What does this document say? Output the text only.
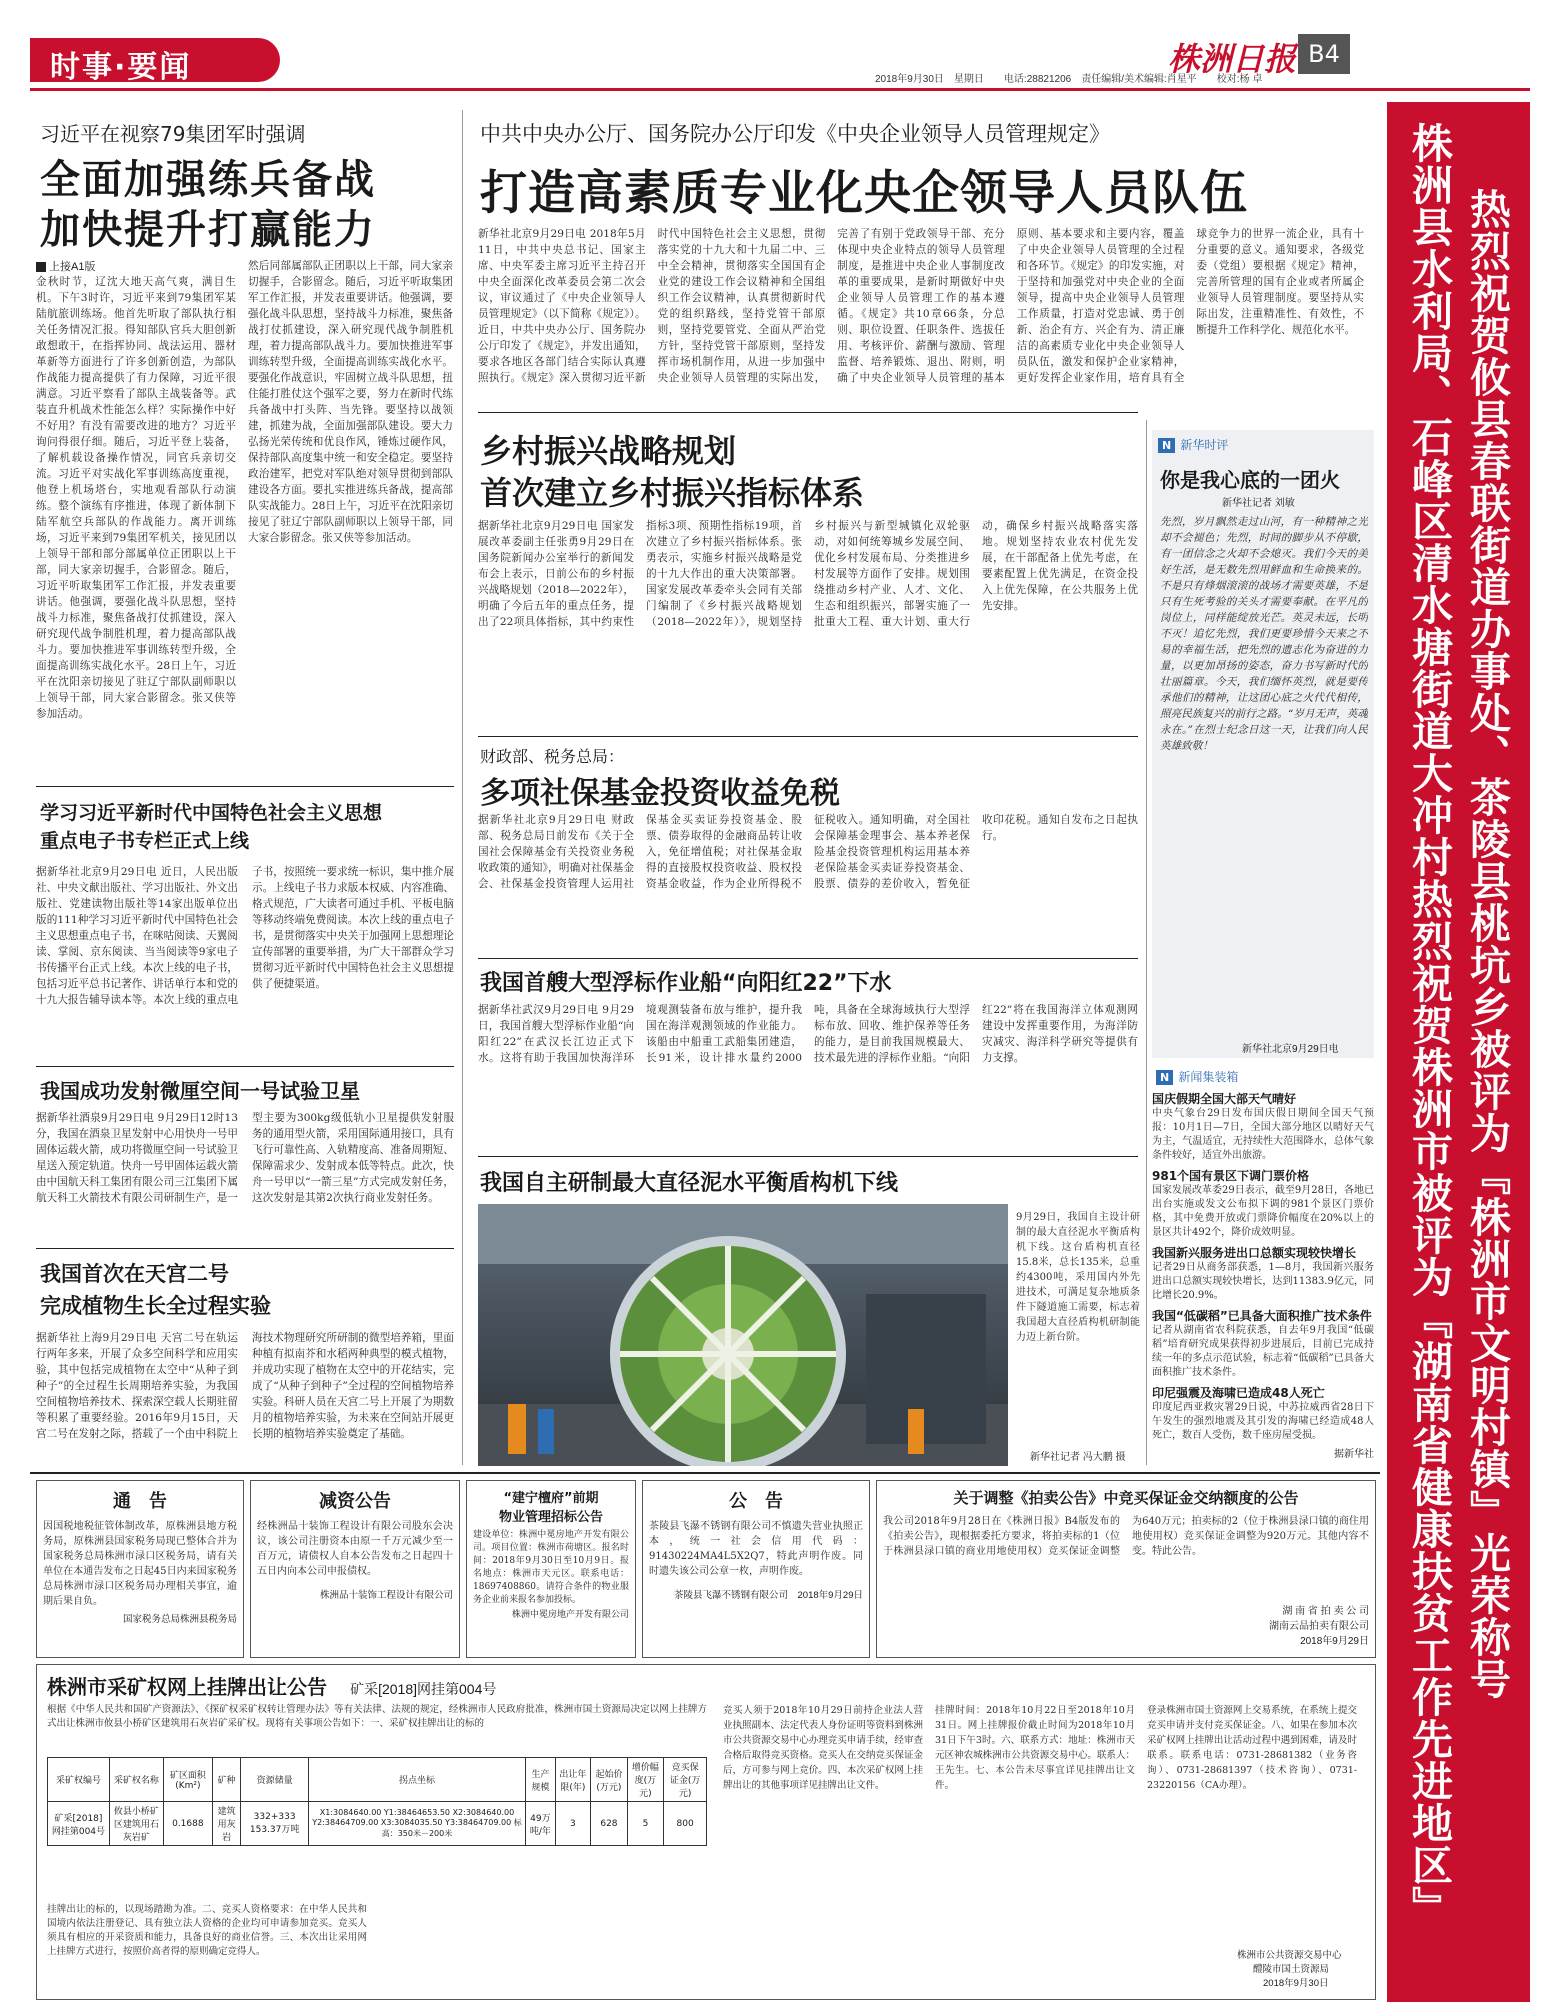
时事·要闻	株洲日报 B4
2018年9月30日　星期日　　电话:28821206　责任编辑/美术编辑:肖星平　　校对:杨 卓
热烈祝贺攸县春联街道办事处、茶陵县桃坑乡被评为『株洲市文明村镇』光荣称号
株洲县水利局、石峰区清水塘街道大冲村热烈祝贺株洲市被评为『湖南省健康扶贫工作先进地区』
习近平在视察79集团军时强调
全面加强练兵备战
加快提升打赢能力
上接A1版
金秋时节，辽沈大地天高气爽，满目生机。下午3时许，习近平来到79集团军某陆航旅训练场。他首先听取了部队执行相关任务情况汇报。得知部队官兵大胆创新敢想敢干，在指挥协同、战法运用、器材革新等方面进行了许多创新创造，为部队作战能力提高提供了有力保障，习近平很满意。习近平察看了部队主战装备等。武装直升机战术性能怎么样？实际操作中好不好用？有没有需要改进的地方？习近平询问得很仔细。随后，习近平登上装备，了解机载设备操作情况，同官兵亲切交流。习近平对实战化军事训练高度重视，他登上机场塔台，实地观看部队行动演练。整个演练有序推进，体现了新体制下陆军航空兵部队的作战能力。离开训练场，习近平来到79集团军机关，接见团以上领导干部和部分部属单位正团职以上干部，同大家亲切握手，合影留念。随后，习近平听取集团军工作汇报，并发表重要讲话。他强调，要强化战斗队思想，坚持战斗力标准，聚焦备战打仗抓建设，深入研究现代战争制胜机理，着力提高部队战斗力。要加快推进军事训练转型升级，全面提高训练实战化水平。28日上午，习近平在沈阳亲切接见了驻辽宁部队副师职以上领导干部，同大家合影留念。张又侠等参加活动。
然后同部属部队正团职以上干部，同大家亲切握手，合影留念。随后，习近平听取集团军工作汇报，并发表重要讲话。他强调，要强化战斗队思想，坚持战斗力标准，聚焦备战打仗抓建设，深入研究现代战争制胜机理，着力提高部队战斗力。要加快推进军事训练转型升级，全面提高训练实战化水平。要强化作战意识，牢固树立战斗队思想，扭住能打胜仗这个强军之要，努力在新时代练兵备战中打头阵、当先锋。要坚持以战领建，抓建为战，全面加强部队建设。要大力弘扬光荣传统和优良作风，锤炼过硬作风，保持部队高度集中统一和安全稳定。要坚持政治建军，把党对军队绝对领导贯彻到部队建设各方面。要扎实推进练兵备战，提高部队实战能力。28日上午，习近平在沈阳亲切接见了驻辽宁部队副师职以上领导干部，同大家合影留念。张又侠等参加活动。
学习习近平新时代中国特色社会主义思想
重点电子书专栏正式上线
据新华社北京9月29日电 近日，人民出版社、中央文献出版社、学习出版社、外文出版社、党建读物出版社等14家出版单位出版的111种学习习近平新时代中国特色社会主义思想重点电子书，在咪咕阅读、天翼阅读、掌阅、京东阅读、当当阅读等9家电子书传播平台正式上线。本次上线的电子书，包括习近平总书记著作、讲话单行本和党的十九大报告辅导读本等。本次上线的重点电子书，按照统一要求统一标识，集中推介展示。上线电子书力求版本权威、内容准确、格式规范，广大读者可通过手机、平板电脑等移动终端免费阅读。本次上线的重点电子书，是贯彻落实中央关于加强网上思想理论宣传部署的重要举措，为广大干部群众学习贯彻习近平新时代中国特色社会主义思想提供了便捷渠道。
我国成功发射微厘空间一号试验卫星
据新华社酒泉9月29日电 9月29日12时13分，我国在酒泉卫星发射中心用快舟一号甲固体运载火箭，成功将微厘空间一号试验卫星送入预定轨道。快舟一号甲固体运载火箭由中国航天科工集团有限公司三江集团下属航天科工火箭技术有限公司研制生产，是一型主要为300kg级低轨小卫星提供发射服务的通用型火箭，采用国际通用接口，具有飞行可靠性高、入轨精度高、准备周期短、保障需求少、发射成本低等特点。此次，快舟一号甲以“一箭三星”方式完成发射任务，这次发射是其第2次执行商业发射任务。
我国首次在天宫二号
完成植物生长全过程实验
据新华社上海9月29日电 天宫二号在轨运行两年多来，开展了众多空间科学和应用实验，其中包括完成植物在太空中“从种子到种子”的全过程生长周期培养实验，为我国空间植物培养技术、探索深空载人长期驻留等积累了重要经验。2016年9月15日，天宫二号在发射之际，搭载了一个由中科院上海技术物理研究所研制的微型培养箱，里面种植有拟南芥和水稻两种典型的模式植物，并成功实现了植物在太空中的开花结实，完成了“从种子到种子”全过程的空间植物培养实验。科研人员在天宫二号上开展了为期数月的植物培养实验，为未来在空间站开展更长期的植物培养实验奠定了基础。
中共中央办公厅、国务院办公厅印发《中央企业领导人员管理规定》
打造高素质专业化央企领导人员队伍
新华社北京9月29日电 2018年5月11日，中共中央总书记、国家主席、中央军委主席习近平主持召开中央全面深化改革委员会第二次会议，审议通过了《中央企业领导人员管理规定》（以下简称《规定》）。近日，中共中央办公厅、国务院办公厅印发了《规定》，并发出通知，要求各地区各部门结合实际认真遵照执行。《规定》深入贯彻习近平新时代中国特色社会主义思想，贯彻落实党的十九大和十九届二中、三中全会精神，贯彻落实全国国有企业党的建设工作会议精神和全国组织工作会议精神，认真贯彻新时代党的组织路线，坚持党管干部原则，坚持党要管党、全面从严治党方针，坚持党管干部原则，坚持发挥市场机制作用，从进一步加强中央企业领导人员管理的实际出发，完善了有别于党政领导干部、充分体现中央企业特点的领导人员管理制度，是推进中央企业人事制度改革的重要成果，是新时期做好中央企业领导人员管理工作的基本遵循。《规定》共10章66条，分总则、职位设置、任职条件、选拔任用、考核评价、薪酬与激励、管理监督、培养锻炼、退出、附则，明确了中央企业领导人员管理的基本原则、基本要求和主要内容，覆盖了中央企业领导人员管理的全过程和各环节。《规定》的印发实施，对于坚持和加强党对中央企业的全面领导，提高中央企业领导人员管理工作质量，打造对党忠诚、勇于创新、治企有方、兴企有为、清正廉洁的高素质专业化中央企业领导人员队伍，激发和保护企业家精神，更好发挥企业家作用，培育具有全球竞争力的世界一流企业，具有十分重要的意义。通知要求，各级党委（党组）要根据《规定》精神，完善所管理的国有企业或者所属企业领导人员管理制度。要坚持从实际出发，注重精准性、有效性，不断提升工作科学化、规范化水平。
乡村振兴战略规划
首次建立乡村振兴指标体系
据新华社北京9月29日电 国家发展改革委副主任张勇9月29日在国务院新闻办公室举行的新闻发布会上表示，日前公布的乡村振兴战略规划（2018—2022年），明确了今后五年的重点任务，提出了22项具体指标，其中约束性指标3项、预期性指标19项，首次建立了乡村振兴指标体系。张勇表示，实施乡村振兴战略是党的十九大作出的重大决策部署。国家发展改革委牵头会同有关部门编制了《乡村振兴战略规划（2018—2022年）》，规划坚持乡村振兴与新型城镇化双轮驱动，对如何统筹城乡发展空间、优化乡村发展布局、分类推进乡村发展等方面作了安排。规划围绕推动乡村产业、人才、文化、生态和组织振兴，部署实施了一批重大工程、重大计划、重大行动，确保乡村振兴战略落实落地。规划坚持农业农村优先发展，在干部配备上优先考虑，在要素配置上优先满足，在资金投入上优先保障，在公共服务上优先安排。
财政部、税务总局：
多项社保基金投资收益免税
据新华社北京9月29日电 财政部、税务总局日前发布《关于全国社会保障基金有关投资业务税收政策的通知》，明确对社保基金会、社保基金投资管理人运用社保基金买卖证券投资基金、股票、债券取得的金融商品转让收入，免征增值税；对社保基金取得的直接股权投资收益、股权投资基金收益，作为企业所得税不征税收入。通知明确，对全国社会保障基金理事会、基本养老保险基金投资管理机构运用基本养老保险基金买卖证券投资基金、股票、债券的差价收入，暂免征收印花税。通知自发布之日起执行。
我国首艘大型浮标作业船“向阳红22”下水
据新华社武汉9月29日电 9月29日，我国首艘大型浮标作业船“向阳红22”在武汉长江边正式下水。这将有助于我国加快海洋环境观测装备布放与维护，提升我国在海洋观测领域的作业能力。该船由中船重工武船集团建造，长91米，设计排水量约2000吨，具备在全球海域执行大型浮标布放、回收、维护保养等任务的能力，是目前我国规模最大、技术最先进的浮标作业船。“向阳红22”将在我国海洋立体观测网建设中发挥重要作用，为海洋防灾减灾、海洋科学研究等提供有力支撑。
我国自主研制最大直径泥水平衡盾构机下线
9月29日，我国自主设计研制的最大直径泥水平衡盾构机下线。这台盾构机直径15.8米，总长135米，总重约4300吨，采用国内外先进技术，可满足复杂地质条件下隧道施工需要，标志着我国超大直径盾构机研制能力迈上新台阶。
新华社记者 冯大鹏 摄
N 新华时评
你是我心底的一团火
新华社记者 刘敏
先烈，岁月飘然走过山河，有一种精神之光却不会褪色；先烈，时间的脚步从不停歇，有一团信念之火却不会熄灭。我们今天的美好生活，是无数先烈用鲜血和生命换来的。不是只有烽烟滚滚的战场才需要英雄，不是只有生死考验的关头才需要奉献。在平凡的岗位上，同样能绽放光芒。英灵未远，长明不灭！追忆先烈，我们更要珍惜今天来之不易的幸福生活，把先烈的遗志化为奋进的力量，以更加昂扬的姿态，奋力书写新时代的壮丽篇章。今天，我们缅怀英烈，就是要传承他们的精神，让这团心底之火代代相传，照亮民族复兴的前行之路。“岁月无声，英魂永在。”在烈士纪念日这一天，让我们向人民英雄致敬！
新华社北京9月29日电
N 新闻集装箱
国庆假期全国大部天气晴好
中央气象台29日发布国庆假日期间全国天气预报：10月1日—7日，全国大部分地区以晴好天气为主，气温适宜，无持续性大范围降水，总体气象条件较好，适宜外出旅游。
981个国有景区下调门票价格
国家发展改革委29日表示，截至9月28日，各地已出台实施或发文公布拟下调的981个景区门票价格，其中免费开放或门票降价幅度在20%以上的景区共计492个，降价成效明显。
我国新兴服务进出口总额实现较快增长
记者29日从商务部获悉，1—8月，我国新兴服务进出口总额实现较快增长，达到11383.9亿元，同比增长20.9%。
我国“低碳稻”已具备大面积推广技术条件
记者从湖南省农科院获悉，自去年9月我国“低碳稻”培育研究成果获得初步进展后，目前已完成持续一年的多点示范试验，标志着“低碳稻”已具备大面积推广技术条件。
印尼强震及海啸已造成48人死亡
印度尼西亚救灾署29日说，中苏拉威西省28日下午发生的强烈地震及其引发的海啸已经造成48人死亡，数百人受伤，数千座房屋受损。
据新华社
通　告
因国税地税征管体制改革，原株洲县地方税务局，原株洲县国家税务局现已整体合并为国家税务总局株洲市渌口区税务局，请有关单位在本通告发布之日起45日内来国家税务总局株洲市渌口区税务局办理相关事宜，逾期后果自负。
国家税务总局株洲县税务局
减资公告
经株洲品十装饰工程设计有限公司股东会决议，该公司注册资本由原一千万元减少至一百万元，请债权人自本公告发布之日起四十五日内向本公司申报债权。
株洲品十装饰工程设计有限公司
“建宁檀府”前期
物业管理招标公告
建设单位：株洲中冕房地产开发有限公司。项目位置：株洲市荷塘区。报名时间：2018年9月30日至10月9日。报名地点：株洲市天元区。联系电话：18697408860。请符合条件的物业服务企业前来报名参加投标。
株洲中冕房地产开发有限公司
公　告
茶陵县飞瀑不锈钢有限公司不慎遗失营业执照正本，统一社会信用代码：91430224MA4L5X2Q7，特此声明作废。同时遗失该公司公章一枚，声明作废。
茶陵县飞瀑不锈钢有限公司　2018年9月29日
关于调整《拍卖公告》中竞买保证金交纳额度的公告
我公司2018年9月28日在《株洲日报》B4版发布的《拍卖公告》，现根据委托方要求，将拍卖标的1（位于株洲县渌口镇的商业用地使用权）竞买保证金调整为640万元；拍卖标的2（位于株洲县渌口镇的商住用地使用权）竞买保证金调整为920万元。其他内容不变。特此公告。
湖 南 省 拍 卖 公 司
湖南云品拍卖有限公司
2018年9月29日
株洲市采矿权网上挂牌出让公告 矿采[2018]网挂第004号
根据《中华人民共和国矿产资源法》、《探矿权采矿权转让管理办法》等有关法律、法规的规定，经株洲市人民政府批准，株洲市国土资源局决定以网上挂牌方式出让株洲市攸县小桥矿区建筑用石灰岩矿采矿权。现将有关事项公告如下：一、采矿权挂牌出让的标的
采矿权编号	采矿权名称	矿区面积(Km²)	矿种	资源储量	拐点坐标	生产规模	出让年限(年)	起始价(万元)	增价幅度(万元)	竞买保证金(万元)
矿采[2018]网挂第004号	攸县小桥矿区建筑用石灰岩矿	0.1688	建筑用灰岩	332+333 153.37万吨	X1:3084640.00 Y1:38464653.50 X2:3084640.00 Y2:38464709.00 X3:3084035.50 Y3:38464709.00 标高：350米－200米	49万吨/年	3	628	5	800
挂牌出让的标的，以现场踏勘为准。二、竞买人资格要求：在中华人民共和国境内依法注册登记、具有独立法人资格的企业均可申请参加竞买。竞买人须具有相应的开采资质和能力，具备良好的商业信誉。三、本次出让采用网上挂牌方式进行，按照价高者得的原则确定竞得人。
竞买人须于2018年10月29日前持企业法人营业执照副本、法定代表人身份证明等资料到株洲市公共资源交易中心办理竞买申请手续，经审查合格后取得竞买资格。竞买人在交纳竞买保证金后，方可参与网上竞价。四、本次采矿权网上挂牌出让的其他事项详见挂牌出让文件。
挂牌时间：2018年10月22日至2018年10月31日。网上挂牌报价截止时间为2018年10月31日下午3时。六、联系方式：地址：株洲市天元区神农城株洲市公共资源交易中心。联系人：王先生。七、本公告未尽事宜详见挂牌出让文件。
登录株洲市国土资源网上交易系统，在系统上提交竞买申请并支付竞买保证金。八、如果在参加本次采矿权网上挂牌出让活动过程中遇到困难，请及时联系。联系电话：0731-28681382（业务咨询）、0731-28681397（技术咨询）、0731-23220156（CA办理）。
株洲市公共资源交易中心
醴陵市国土资源局
2018年9月30日
